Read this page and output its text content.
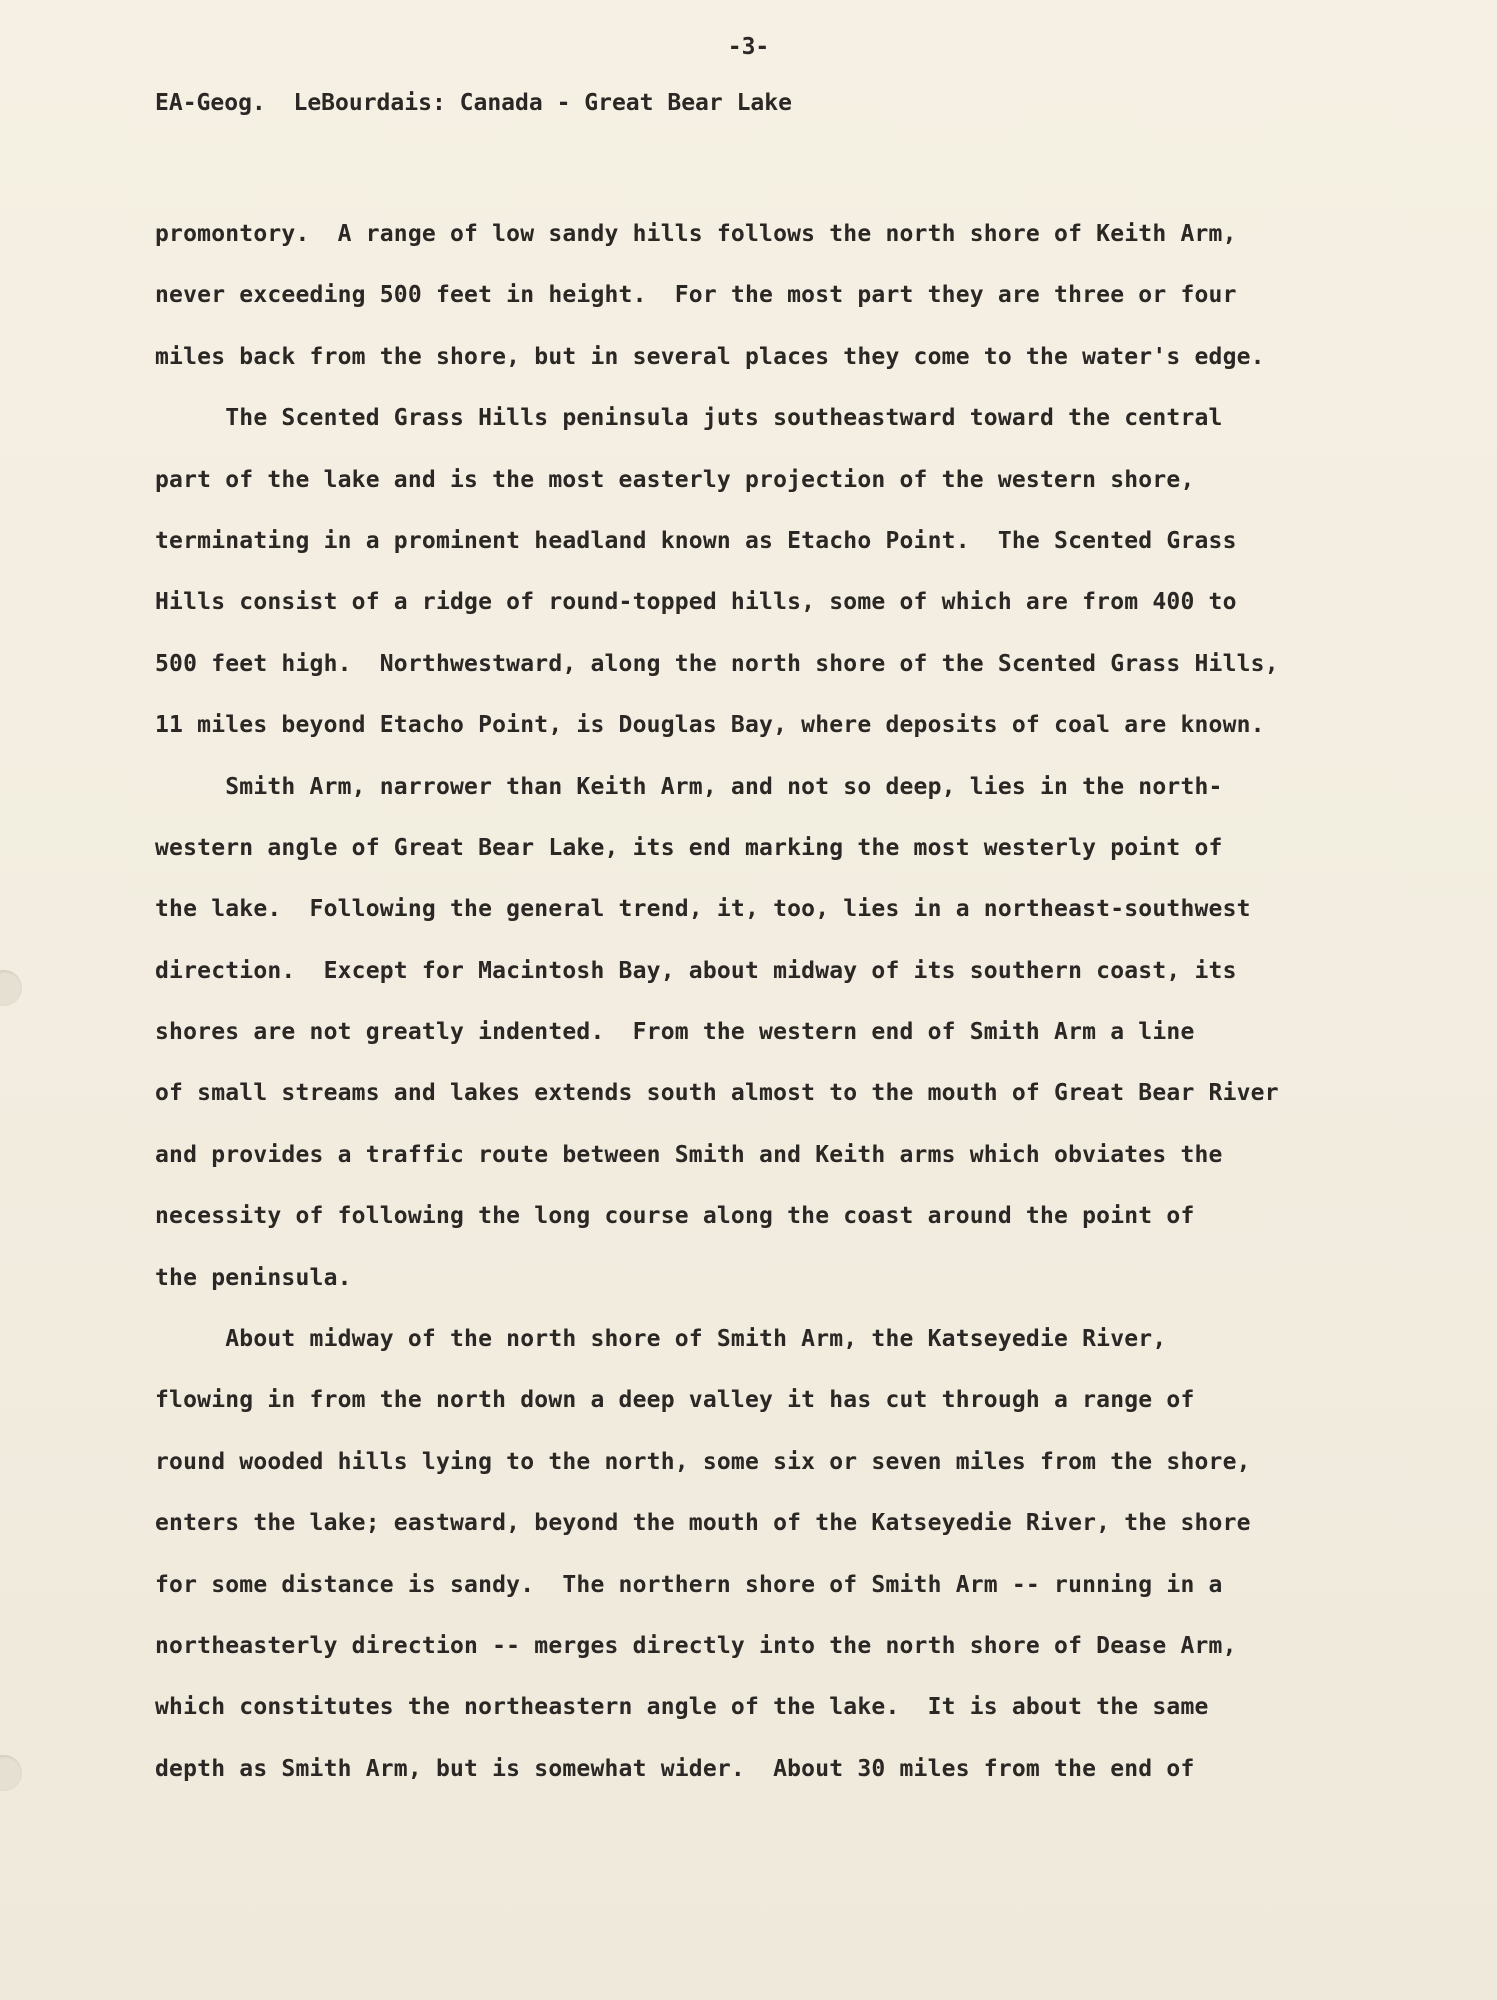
-3-
EA-Geog.  LeBourdais: Canada - Great Bear Lake
promontory.  A range of low sandy hills follows the north shore of Keith Arm,
never exceeding 500 feet in height.  For the most part they are three or four
miles back from the shore, but in several places they come to the water's edge.
The Scented Grass Hills peninsula juts southeastward toward the central
part of the lake and is the most easterly projection of the western shore,
terminating in a prominent headland known as Etacho Point.  The Scented Grass
Hills consist of a ridge of round-topped hills, some of which are from 400 to
500 feet high.  Northwestward, along the north shore of the Scented Grass Hills,
11 miles beyond Etacho Point, is Douglas Bay, where deposits of coal are known.
Smith Arm, narrower than Keith Arm, and not so deep, lies in the north-
western angle of Great Bear Lake, its end marking the most westerly point of
the lake.  Following the general trend, it, too, lies in a northeast-southwest
direction.  Except for Macintosh Bay, about midway of its southern coast, its
shores are not greatly indented.  From the western end of Smith Arm a line
of small streams and lakes extends south almost to the mouth of Great Bear River
and provides a traffic route between Smith and Keith arms which obviates the
necessity of following the long course along the coast around the point of
the peninsula.
About midway of the north shore of Smith Arm, the Katseyedie River,
flowing in from the north down a deep valley it has cut through a range of
round wooded hills lying to the north, some six or seven miles from the shore,
enters the lake; eastward, beyond the mouth of the Katseyedie River, the shore
for some distance is sandy.  The northern shore of Smith Arm -- running in a
northeasterly direction -- merges directly into the north shore of Dease Arm,
which constitutes the northeastern angle of the lake.  It is about the same
depth as Smith Arm, but is somewhat wider.  About 30 miles from the end of
